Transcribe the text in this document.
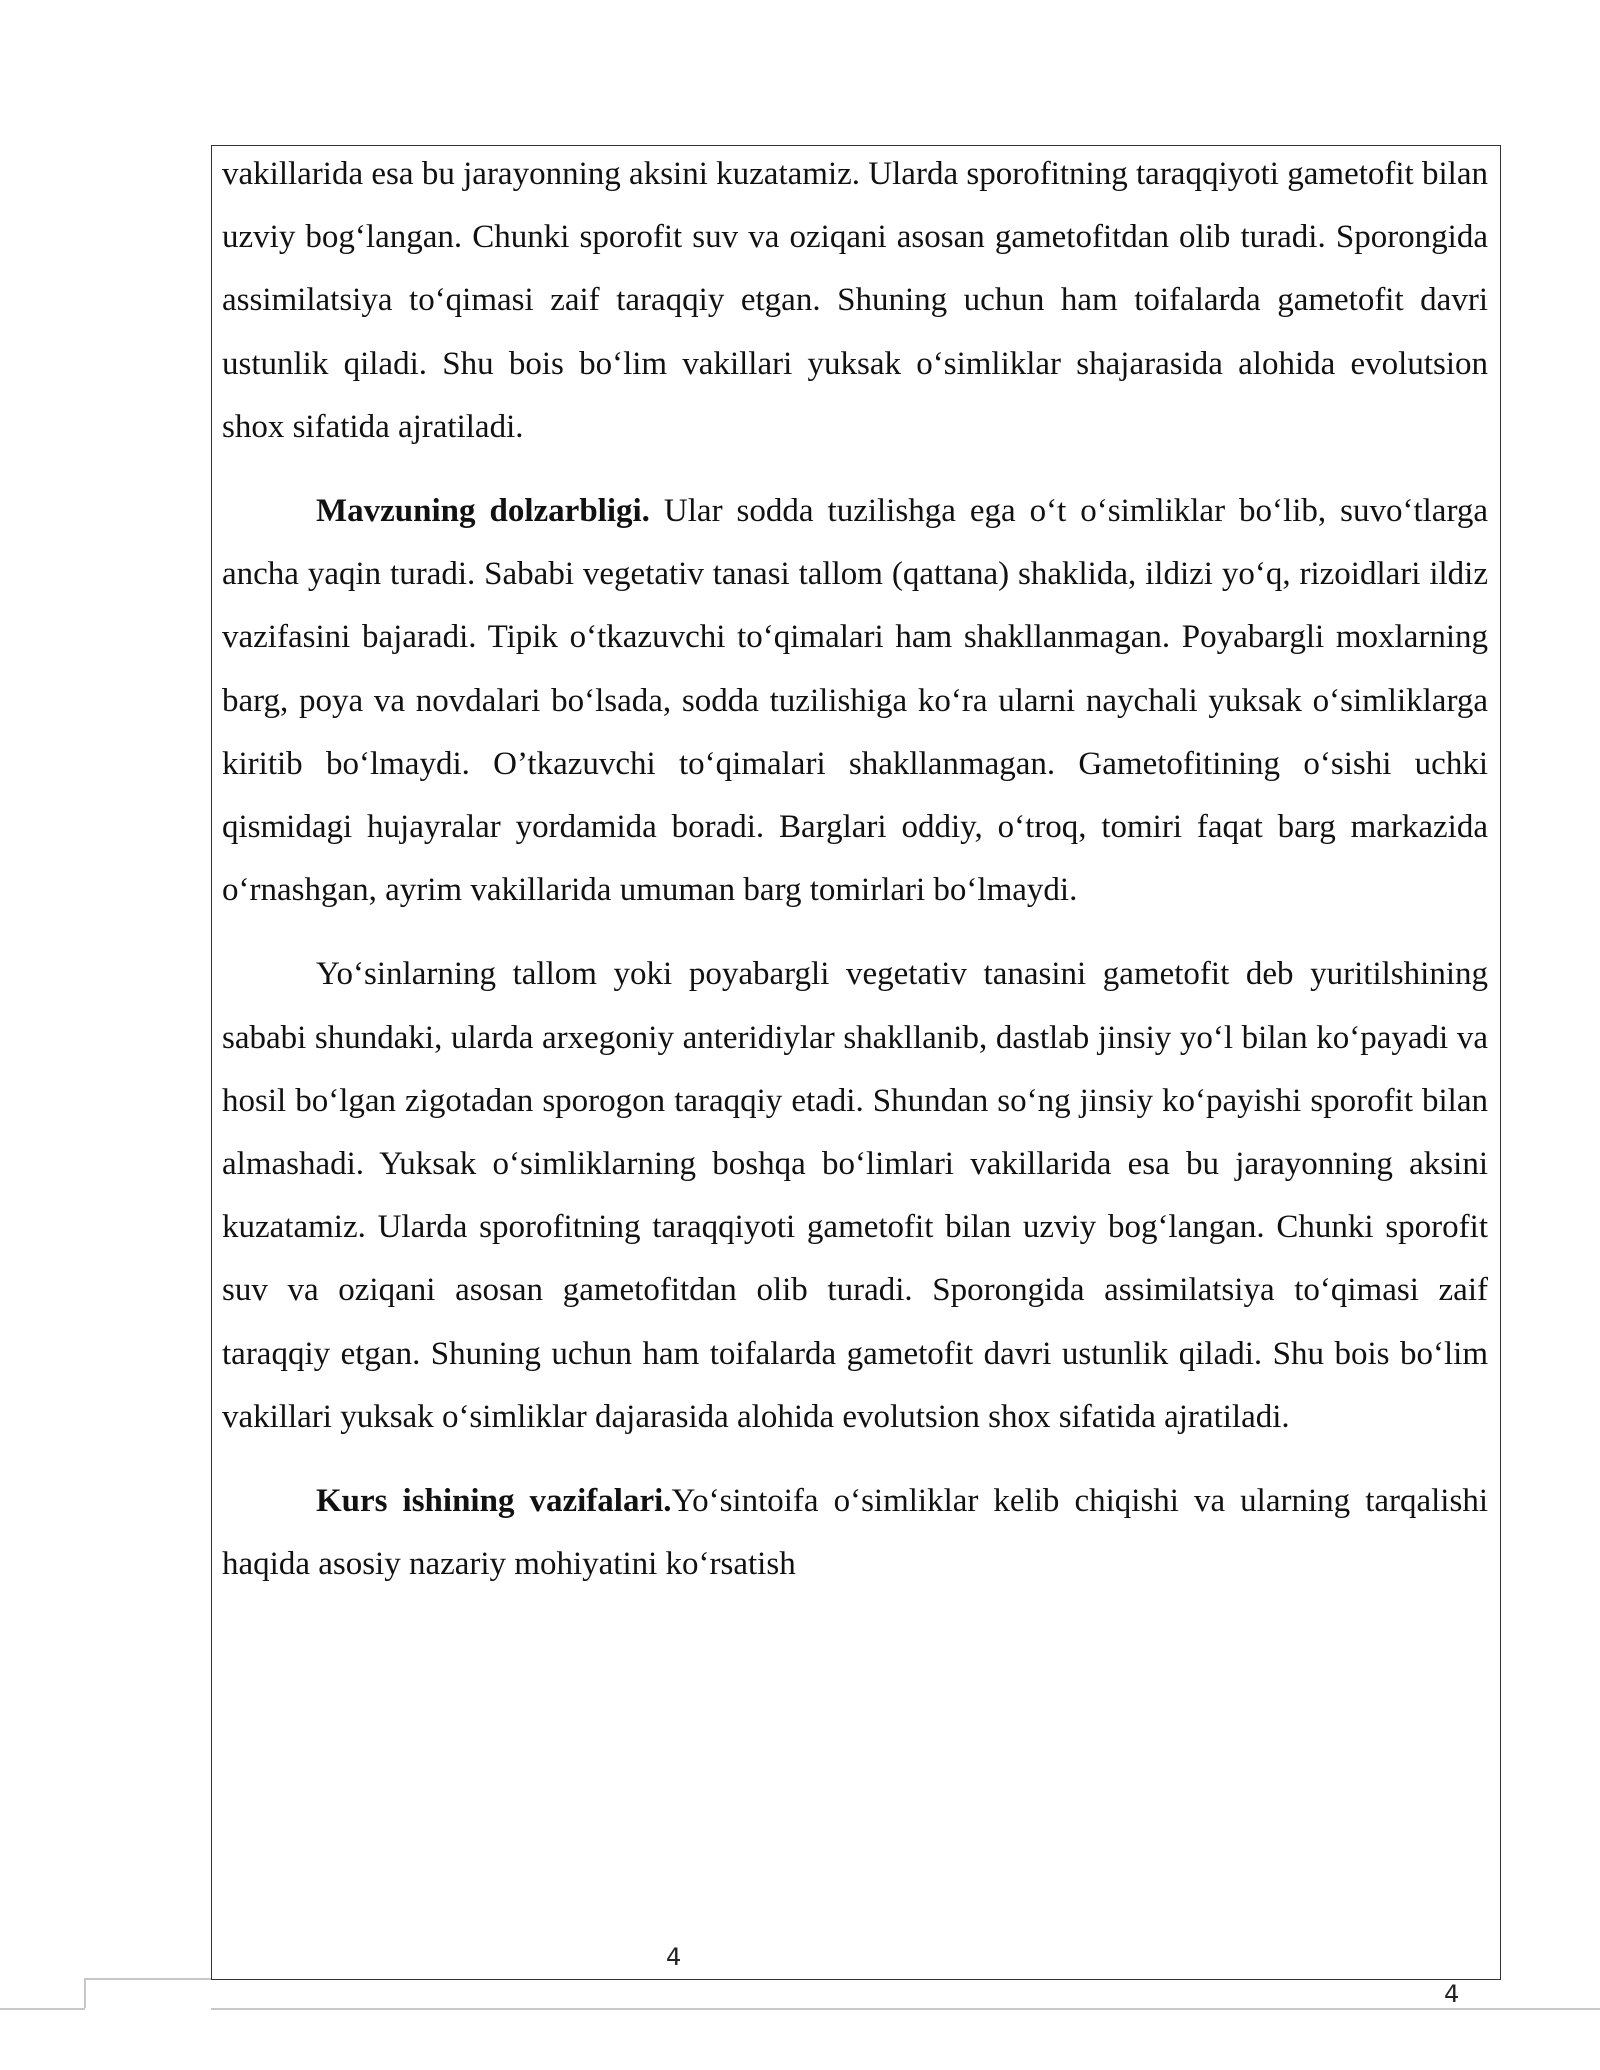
vakillarida esa bu jarayonning aksini kuzatamiz. Ularda sporofitning taraqqiyoti gametofit bilan uzviy bog‘langan. Chunki sporofit suv va oziqani asosan gametofitdan olib turadi. Sporongida assimilatsiya to‘qimasi zaif taraqqiy etgan. Shuning uchun ham toifalarda gametofit davri ustunlik qiladi. Shu bois bo‘lim vakillari yuksak o‘simliklar shajarasida alohida evolutsion shox sifatida ajratiladi.

Mavzuning dolzarbligi. Ular sodda tuzilishga ega o‘t o‘simliklar bo‘lib, suvo‘tlarga ancha yaqin turadi. Sababi vegetativ tanasi tallom (qattana) shaklida, ildizi yo‘q, rizoidlari ildiz vazifasini bajaradi. Tipik o‘tkazuvchi to‘qimalari ham shakllanmagan. Poyabargli moxlarning barg, poya va novdalari bo‘lsada, sodda tuzilishiga ko‘ra ularni naychali yuksak o‘simliklarga kiritib bo‘lmaydi. O’tkazuvchi to‘qimalari shakllanmagan. Gametofitining o‘sishi uchki qismidagi hujayralar yordamida boradi. Barglari oddiy, o‘troq, tomiri faqat barg markazida o‘rnashgan, ayrim vakillarida umuman barg tomirlari bo‘lmaydi.

Yo‘sinlarning tallom yoki poyabargli vegetativ tanasini gametofit deb yuritilshining sababi shundaki, ularda arxegoniy anteridiylar shakllanib, dastlab jinsiy yo‘l bilan ko‘payadi va hosil bo‘lgan zigotadan sporogon taraqqiy etadi. Shundan so‘ng jinsiy ko‘payishi sporofit bilan almashadi. Yuksak o‘simliklarning boshqa bo‘limlari vakillarida esa bu jarayonning aksini kuzatamiz. Ularda sporofitning taraqqiyoti gametofit bilan uzviy bog‘langan. Chunki sporofit suv va oziqani asosan gametofitdan olib turadi. Sporongida assimilatsiya to‘qimasi zaif taraqqiy etgan. Shuning uchun ham toifalarda gametofit davri ustunlik qiladi. Shu bois bo‘lim vakillari yuksak o‘simliklar dajarasida alohida evolutsion shox sifatida ajratiladi.

Kurs ishining vazifalari.Yo‘sintoifa o‘simliklar kelib chiqishi va ularning tarqalishi haqida asosiy nazariy mohiyatini ko‘rsatish

4
4
